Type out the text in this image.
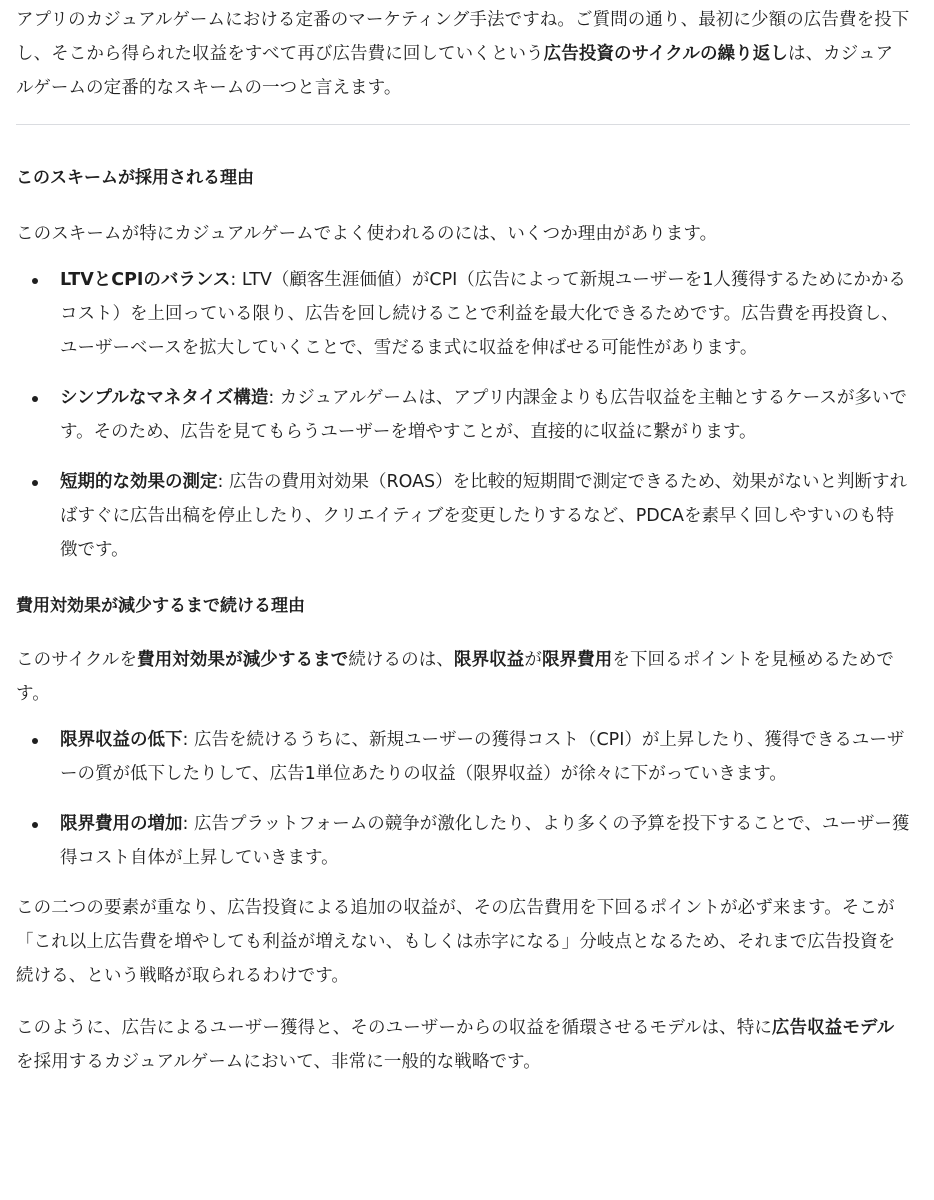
アプリのカジュアルゲームにおける定番のマーケティング手法ですね。ご質問の通り、最初に少額の広告費を投下し、そこから得られた収益をすべて再び広告費に回していくという広告投資のサイクルの繰り返しは、カジュアルゲームの定番的なスキームの一つと言えます。

このスキームが採用される理由

このスキームが特にカジュアルゲームでよく使われるのには、いくつか理由があります。

LTVとCPIのバランス: LTV（顧客生涯価値）がCPI（広告によって新規ユーザーを1人獲得するためにかかるコスト）を上回っている限り、広告を回し続けることで利益を最大化できるためです。広告費を再投資し、ユーザーベースを拡大していくことで、雪だるま式に収益を伸ばせる可能性があります。
シンプルなマネタイズ構造: カジュアルゲームは、アプリ内課金よりも広告収益を主軸とするケースが多いです。そのため、広告を見てもらうユーザーを増やすことが、直接的に収益に繋がります。
短期的な効果の測定: 広告の費用対効果（ROAS）を比較的短期間で測定できるため、効果がないと判断すればすぐに広告出稿を停止したり、クリエイティブを変更したりするなど、PDCAを素早く回しやすいのも特徴です。
費用対効果が減少するまで続ける理由

このサイクルを費用対効果が減少するまで続けるのは、限界収益が限界費用を下回るポイントを見極めるためです。

限界収益の低下: 広告を続けるうちに、新規ユーザーの獲得コスト（CPI）が上昇したり、獲得できるユーザーの質が低下したりして、広告1単位あたりの収益（限界収益）が徐々に下がっていきます。
限界費用の増加: 広告プラットフォームの競争が激化したり、より多くの予算を投下することで、ユーザー獲得コスト自体が上昇していきます。

この二つの要素が重なり、広告投資による追加の収益が、その広告費用を下回るポイントが必ず来ます。そこが「これ以上広告費を増やしても利益が増えない、もしくは赤字になる」分岐点となるため、それまで広告投資を続ける、という戦略が取られるわけです。

このように、広告によるユーザー獲得と、そのユーザーからの収益を循環させるモデルは、特に広告収益モデルを採用するカジュアルゲームにおいて、非常に一般的な戦略です。
